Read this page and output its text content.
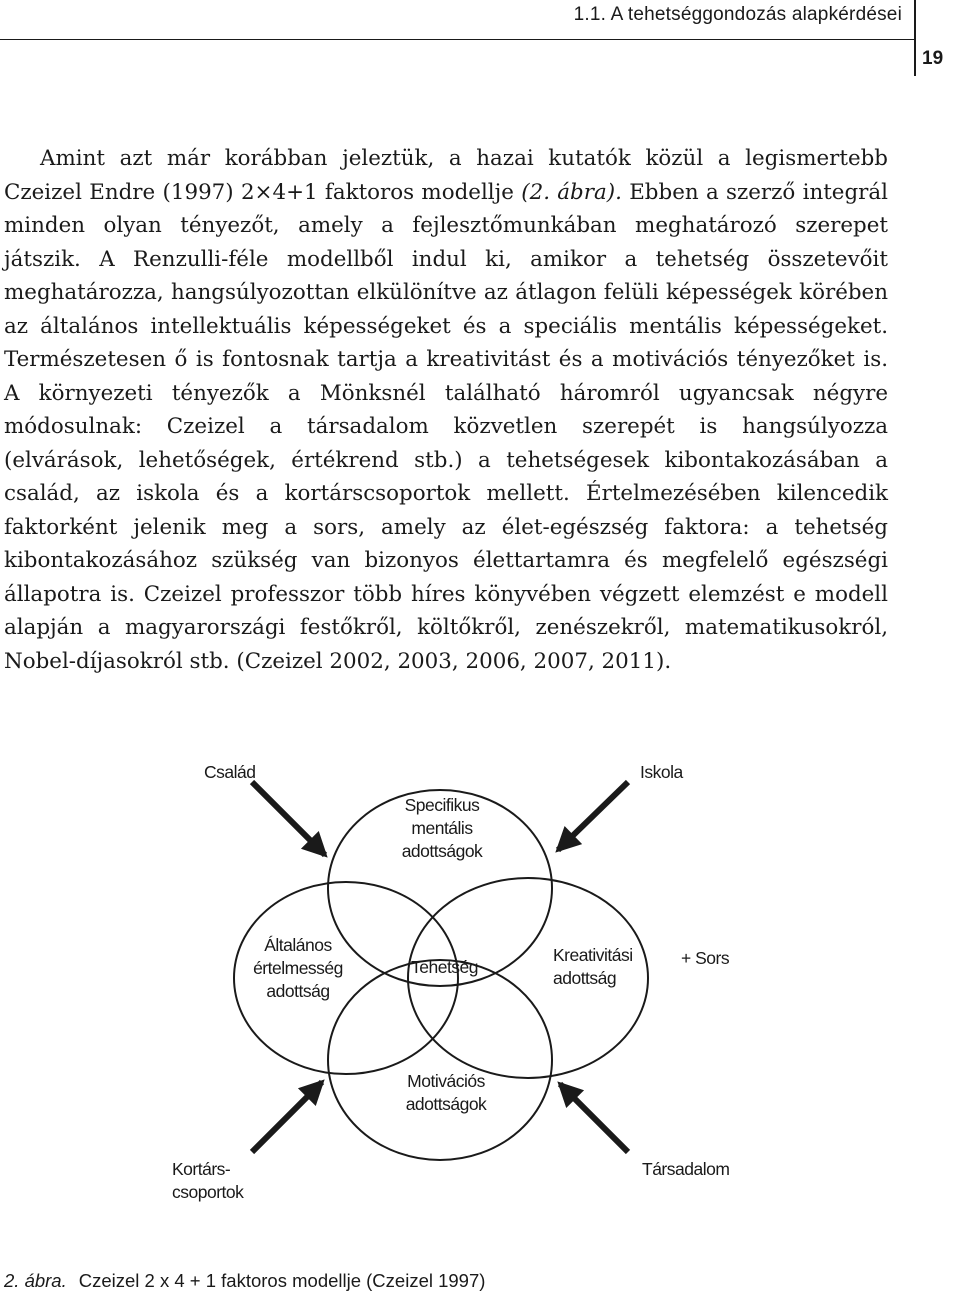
1.1. A tehetséggondozás alapkérdései
19

Amint azt már korábban jeleztük, a hazai kutatók közül a legismertebb Czeizel Endre (1997) 2×4+1 faktoros modellje (2. ábra). Ebben a szerző integrál minden olyan tényezőt, amely a fejlesztőmunkában meghatározó szerepet játszik. A Renzulli-féle modellből indul ki, amikor a tehetség összetevőit meghatározza, hangsúlyozottan elkülönítve az átlagon felüli képességek körében az általános intellektuális képességeket és a speciális mentális képességeket. Természetesen ő is fontosnak tartja a kreativitást és a motivációs tényezőket is. A környezeti tényezők a Mönksnél található háromról ugyancsak négyre módosulnak: Czeizel a társadalom közvetlen szerepét is hangsúlyozza (elvárások, lehetőségek, értékrend stb.) a tehetségesek kibontakozásában a család, az iskola és a kortárscsoportok mellett. Értelmezésében kilencedik faktorként jelenik meg a sors, amely az élet-egészség faktora: a tehetség kibontakozásához szükség van bizonyos élettartamra és megfelelő egészségi állapotra is. Czeizel professzor több híres könyvében végzett elemzést e modell alapján a magyarországi festőkről, költőkről, zenészekről, matematikusokról, Nobel-díjasokról stb. (Czeizel 2002, 2003, 2006, 2007, 2011).

Család	Iskola
Specifikus
mentális
adottságok
Általános
értelmesség
adottság
Tehetség
Kreativitási
adottság
+ Sors
Motivációs
adottságok
Kortárs-
csoportok
Társadalom
2. ábra. Czeizel 2 x 4 + 1 faktoros modellje (Czeizel 1997)
